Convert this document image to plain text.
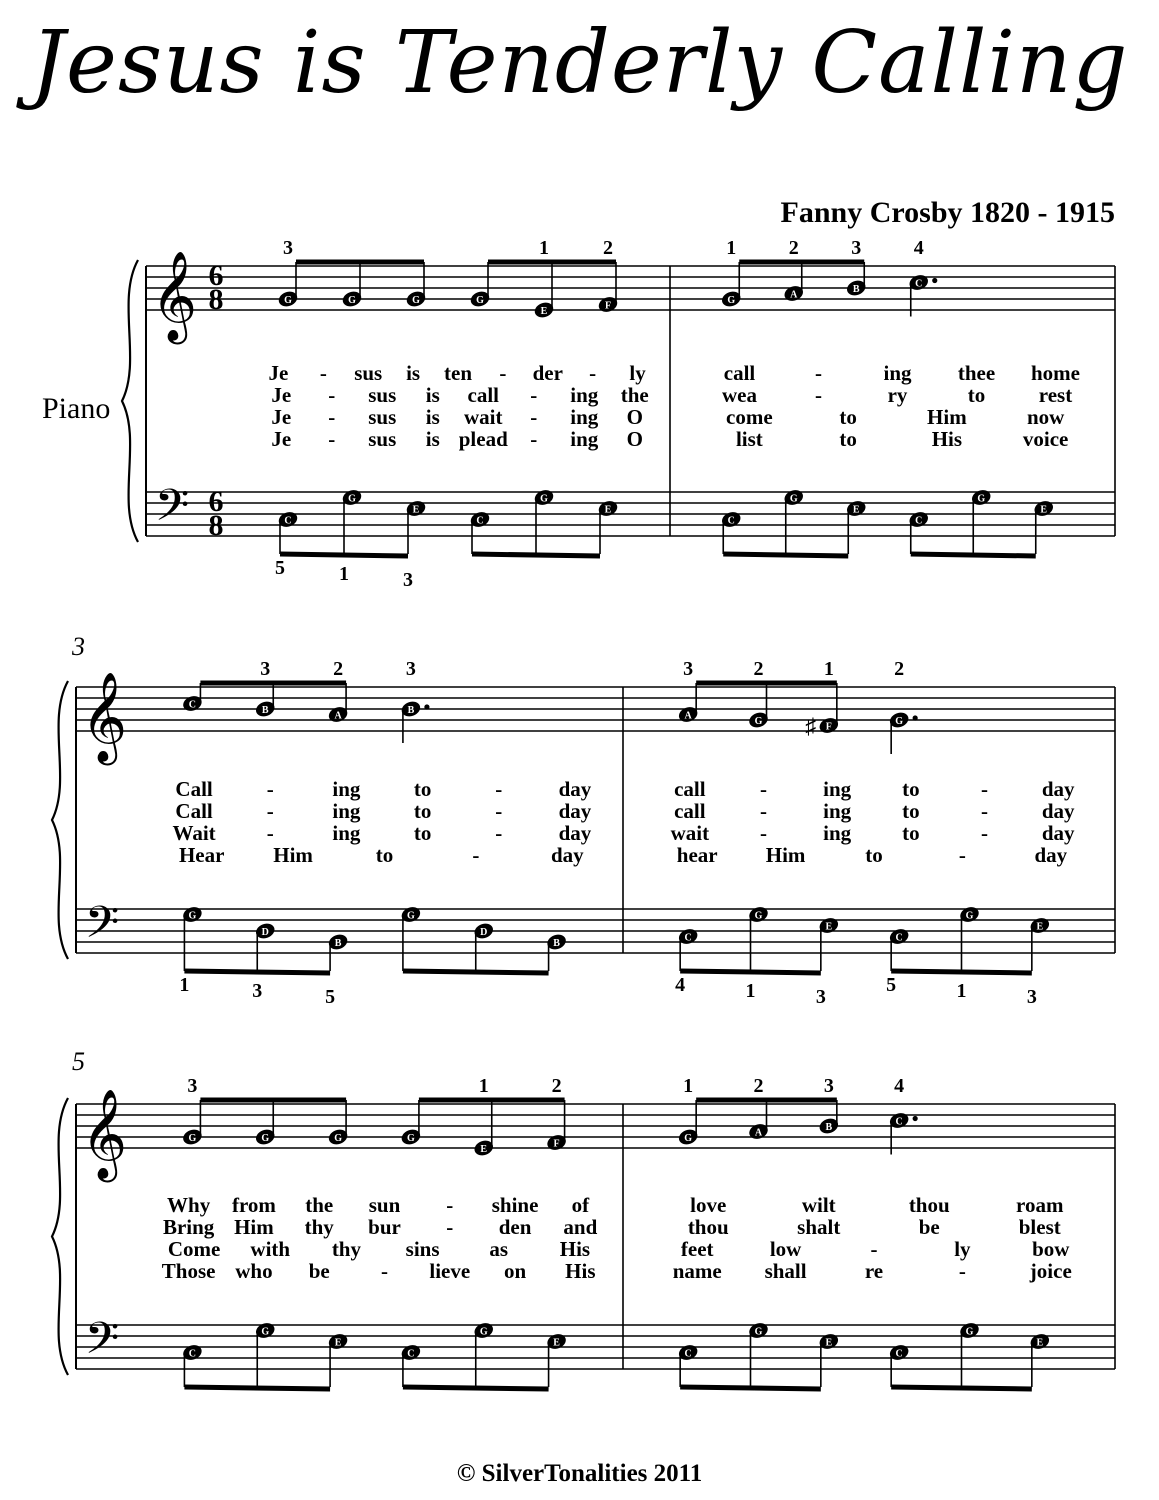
Jesus is Tenderly Calling
Fanny Crosby 1820 - 1915
Piano
3
5
G	G	G	G
E	F
C
G
E
C
G
E
G	A	B	C
C
G
E
C
G
E
𝄞
𝄢
6
8
6
8
3	1	2
5	1	3
Je - sus is ten - der - ly
Je - sus is call - ing the
Je - sus is wait - ing O
Je - sus is plead - ing O
1	2	3	4
call	-	ing thee home
wea	-	ry	to	rest
come	to	Him	now
list	to	His	voice
C	B	A	B
G
D
B
G
D
B
A	G	F	G
C
G
E
C
G
E
𝄞
𝄢
3	2	3
1	3	5
Call	-	ing	to	-	day
Call	-	ing	to	-	day
Wait -	ing	to	-	day
Hear Him	to	-	day
3	2
♯
1	2
4	1	3
5	1	3
call	-	ing to	-	day
call	-	ing to	-	day
wait -	ing to	-	day
hear Him	to	-	day
G	G	G	G
E	F
C
G
E
C
G
E
G	A	B	C
C
G
E
C
G
E
𝄞
𝄢
3	1	2
Why from the sun - shine of
Bring Him thy bur - den and
Come with thy sins as His
Those who be - lieve on His
1	2	3	4
love	wilt	thou	roam
thou	shalt	be	blest
feet	low	-	ly	bow
name shall	re	-	joice
© SilverTonalities 2011
